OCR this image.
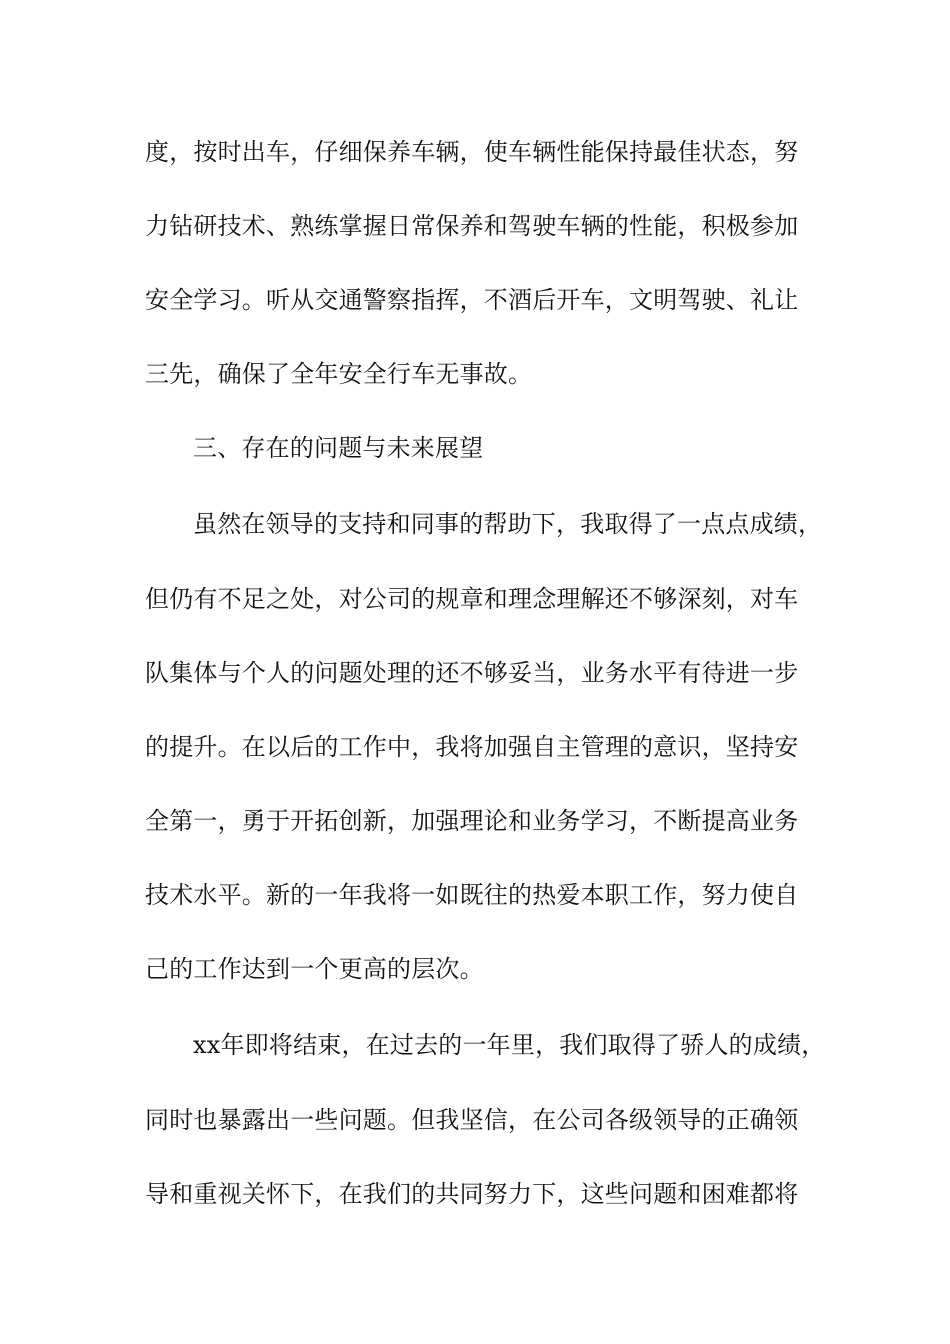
度，按时出车，仔细保养车辆，使车辆性能保持最佳状态，努
力钻研技术、熟练掌握日常保养和驾驶车辆的性能，积极参加
安全学习。听从交通警察指挥，不酒后开车，文明驾驶、礼让
三先，确保了全年安全行车无事故。
三、存在的问题与未来展望
虽然在领导的支持和同事的帮助下，我取得了一点点成绩，
但仍有不足之处，对公司的规章和理念理解还不够深刻，对车
队集体与个人的问题处理的还不够妥当，业务水平有待进一步
的提升。在以后的工作中，我将加强自主管理的意识，坚持安
全第一，勇于开拓创新，加强理论和业务学习，不断提高业务
技术水平。新的一年我将一如既往的热爱本职工作，努力使自
己的工作达到一个更高的层次。
xx年即将结束，在过去的一年里，我们取得了骄人的成绩，
同时也暴露出一些问题。但我坚信，在公司各级领导的正确领
导和重视关怀下，在我们的共同努力下，这些问题和困难都将
